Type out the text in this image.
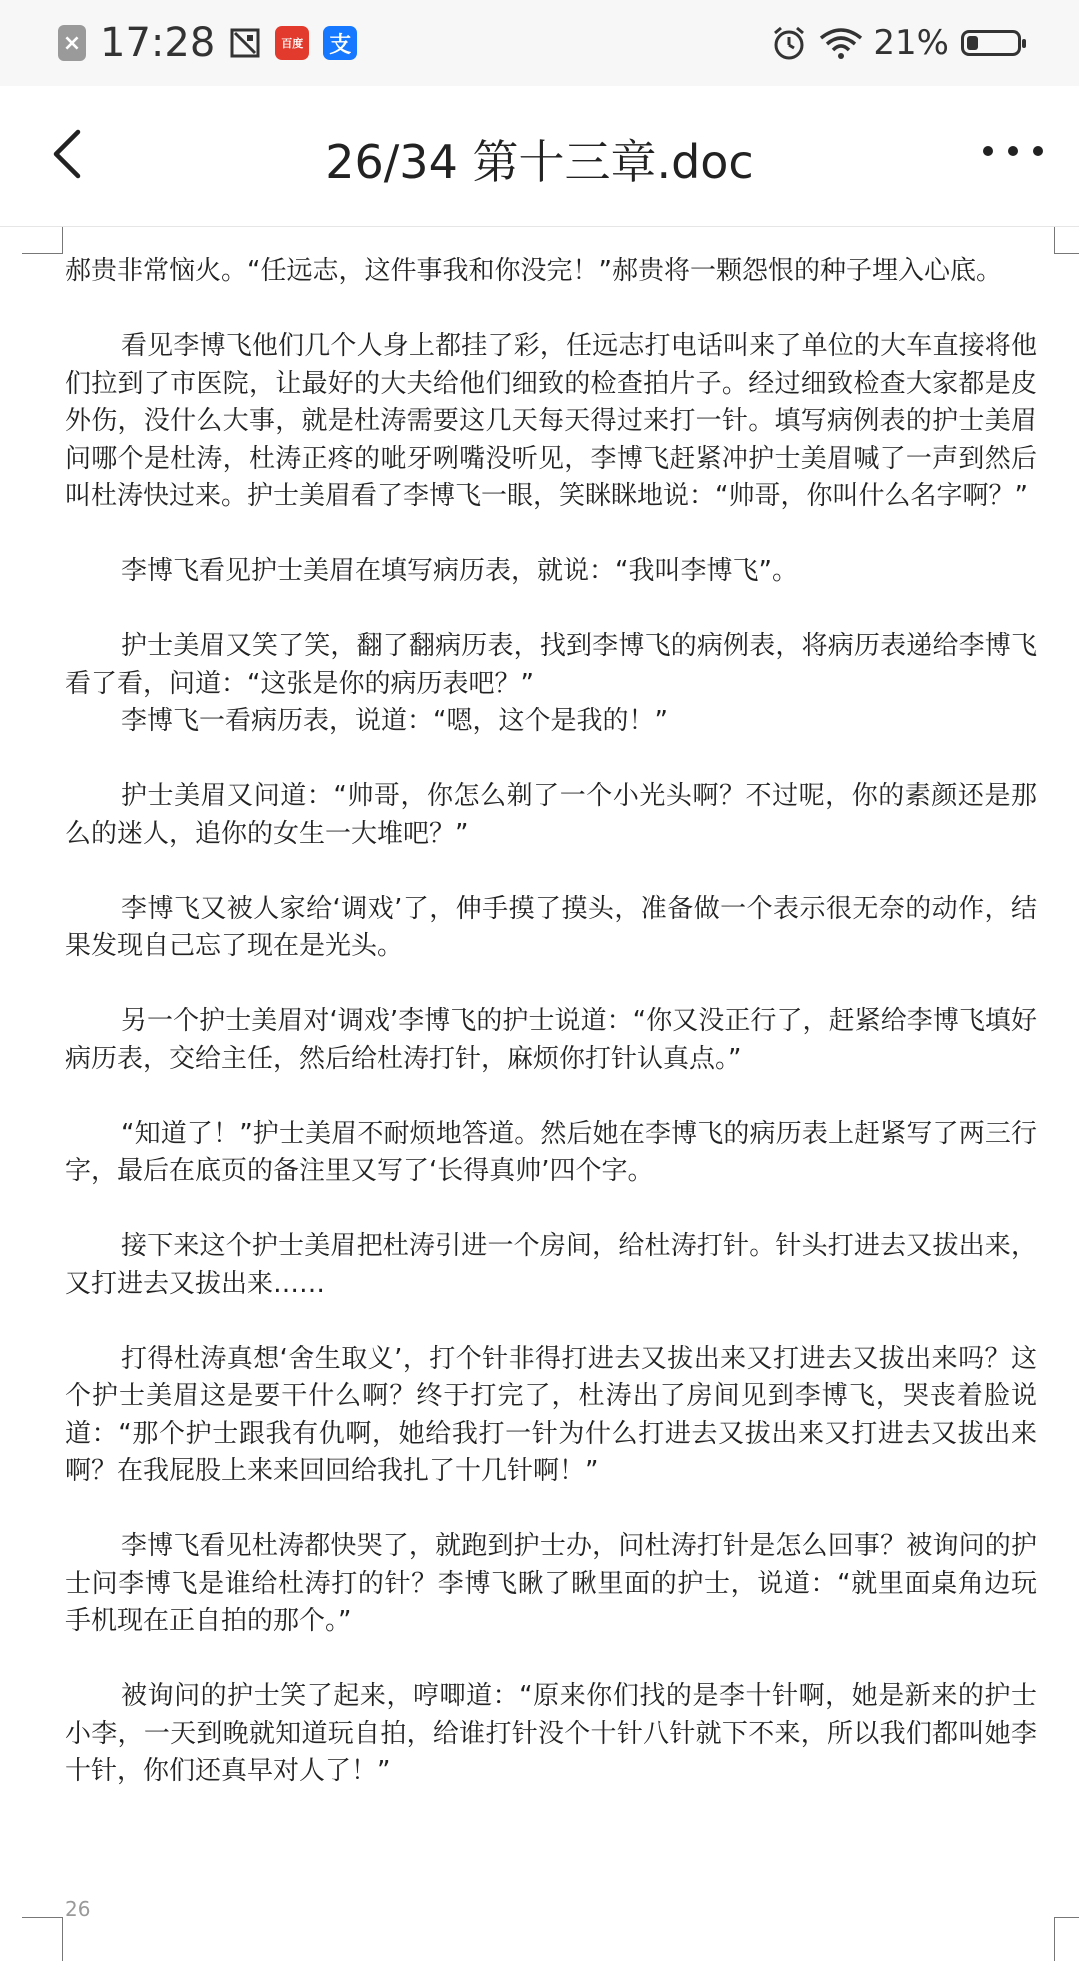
× 17:28	百度 支	21%
26/34 第十三章.doc

郝贵非常恼火。“任远志，这件事我和你没完！”郝贵将一颗怨恨的种子埋入心底。

看见李博飞他们几个人身上都挂了彩，任远志打电话叫来了单位的大车直接将他们拉到了市医院，让最好的大夫给他们细致的检查拍片子。经过细致检查大家都是皮外伤，没什么大事，就是杜涛需要这几天每天得过来打一针。填写病例表的护士美眉问哪个是杜涛，杜涛正疼的呲牙咧嘴没听见，李博飞赶紧冲护士美眉喊了一声到然后叫杜涛快过来。护士美眉看了李博飞一眼，笑眯眯地说：“帅哥，你叫什么名字啊？”

李博飞看见护士美眉在填写病历表，就说：“我叫李博飞”。

护士美眉又笑了笑，翻了翻病历表，找到李博飞的病例表，将病历表递给李博飞看了看，问道：“这张是你的病历表吧？”

李博飞一看病历表，说道：“嗯，这个是我的！”

护士美眉又问道：“帅哥，你怎么剃了一个小光头啊？不过呢，你的素颜还是那么的迷人，追你的女生一大堆吧？”

李博飞又被人家给‘调戏’了，伸手摸了摸头，准备做一个表示很无奈的动作，结果发现自己忘了现在是光头。

另一个护士美眉对‘调戏’李博飞的护士说道：“你又没正行了，赶紧给李博飞填好病历表，交给主任，然后给杜涛打针，麻烦你打针认真点。”

“知道了！”护士美眉不耐烦地答道。然后她在李博飞的病历表上赶紧写了两三行字，最后在底页的备注里又写了‘长得真帅’四个字。

接下来这个护士美眉把杜涛引进一个房间，给杜涛打针。针头打进去又拔出来，又打进去又拔出来……

打得杜涛真想‘舍生取义’，打个针非得打进去又拔出来又打进去又拔出来吗？这个护士美眉这是要干什么啊？终于打完了，杜涛出了房间见到李博飞，哭丧着脸说道：“那个护士跟我有仇啊，她给我打一针为什么打进去又拔出来又打进去又拔出来啊？在我屁股上来来回回给我扎了十几针啊！”

李博飞看见杜涛都快哭了，就跑到护士办，问杜涛打针是怎么回事？被询问的护士问李博飞是谁给杜涛打的针？李博飞瞅了瞅里面的护士，说道：“就里面桌角边玩手机现在正自拍的那个。”

被询问的护士笑了起来，哼唧道：“原来你们找的是李十针啊，她是新来的护士小李，一天到晚就知道玩自拍，给谁打针没个十针八针就下不来，所以我们都叫她李十针，你们还真早对人了！”

26
